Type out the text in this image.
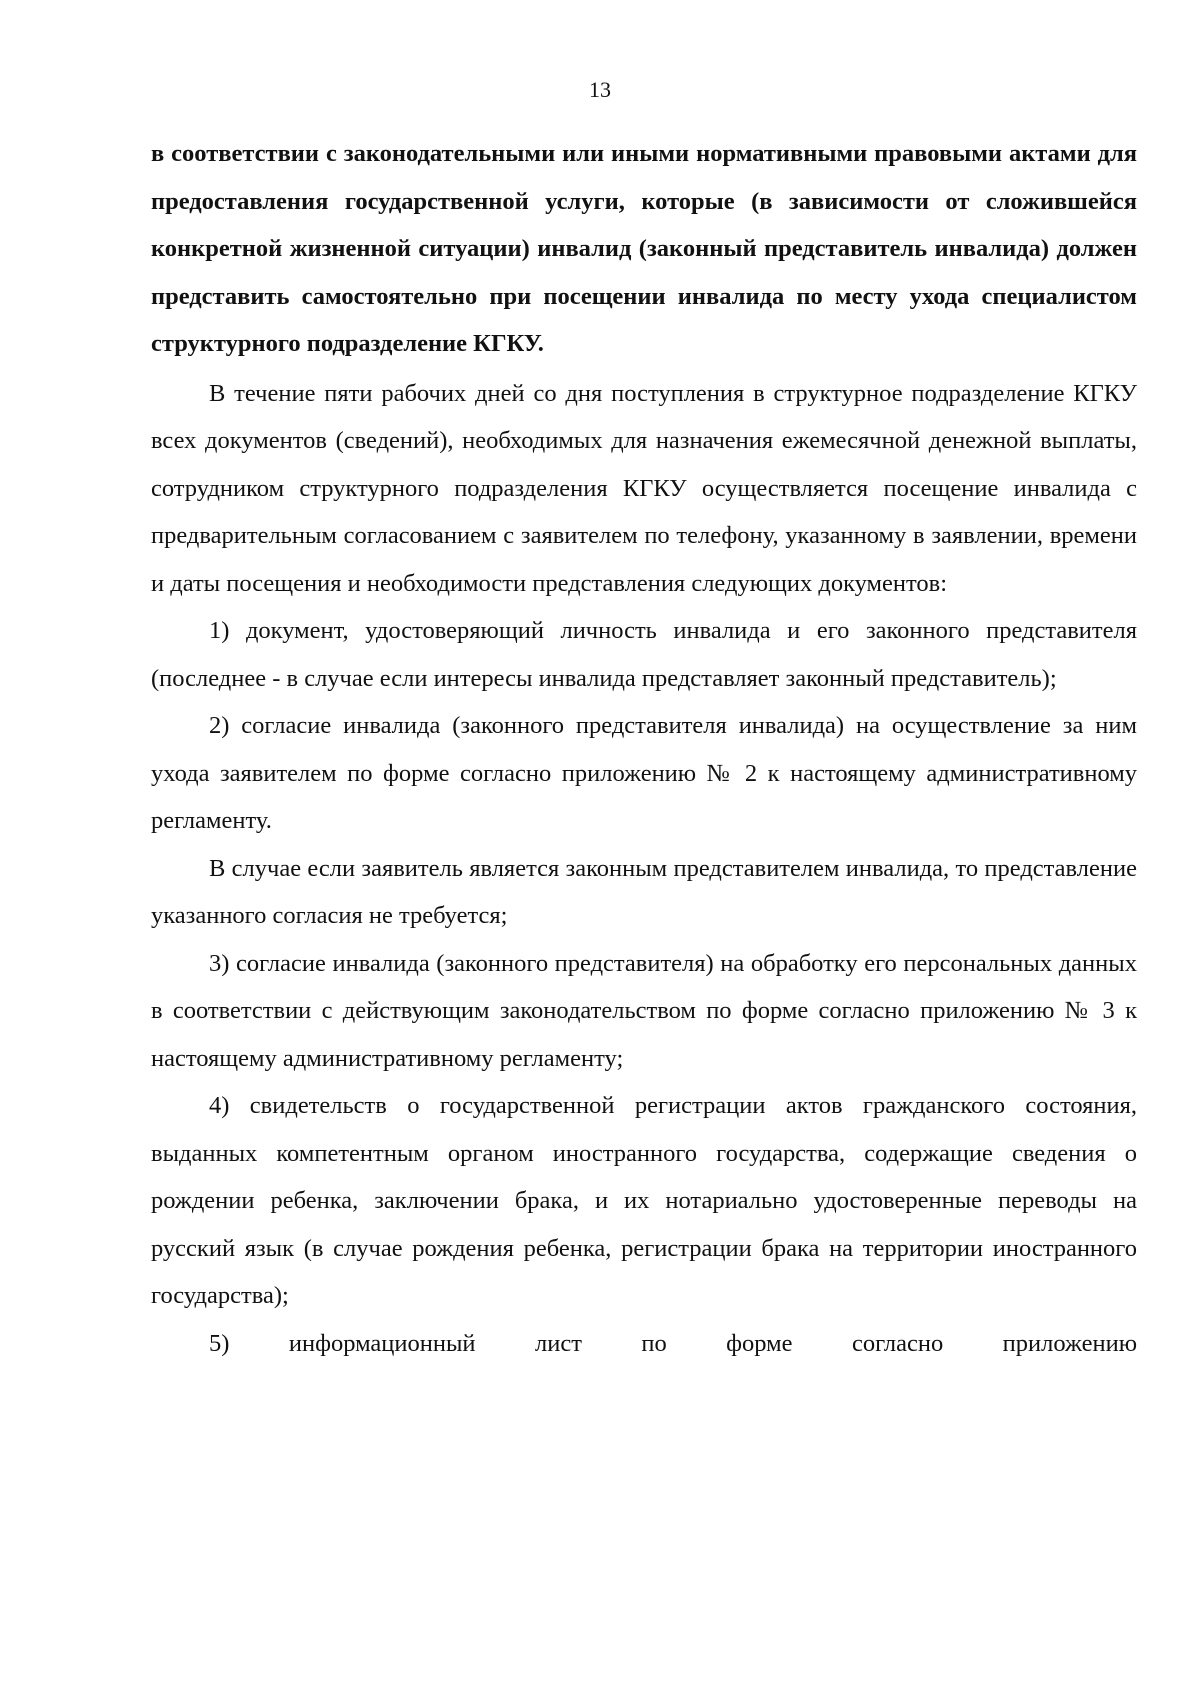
13

в соответствии с законодательными или иными нормативными правовыми актами для предоставления государственной услуги, которые (в зависимости от сложившейся конкретной жизненной ситуации) инвалид (законный представитель инвалида) должен представить самостоятельно при посещении инвалида по месту ухода специалистом структурного подразделение КГКУ.

В течение пяти рабочих дней со дня поступления в структурное подразделение КГКУ всех документов (сведений), необходимых для назначения ежемесячной денежной выплаты, сотрудником структурного подразделения КГКУ осуществляется посещение инвалида с предварительным согласованием с заявителем по телефону, указанному в заявлении, времени и даты посещения и необходимости представления следующих документов:

1) документ, удостоверяющий личность инвалида и его законного представителя (последнее - в случае если интересы инвалида представляет законный представитель);

2) согласие инвалида (законного представителя инвалида) на осуществление за ним ухода заявителем по форме согласно приложению № 2 к настоящему административному регламенту.

В случае если заявитель является законным представителем инвалида, то представление указанного согласия не требуется;

3) согласие инвалида (законного представителя) на обработку его персональных данных в соответствии с действующим законодательством по форме согласно приложению № 3 к настоящему административному регламенту;

4) свидетельств о государственной регистрации актов гражданского состояния, выданных компетентным органом иностранного государства, содержащие сведения о рождении ребенка, заключении брака, и их нотариально удостоверенные переводы на русский язык (в случае рождения ребенка, регистрации брака на территории иностранного государства);

5) информационный лист по форме согласно приложению
